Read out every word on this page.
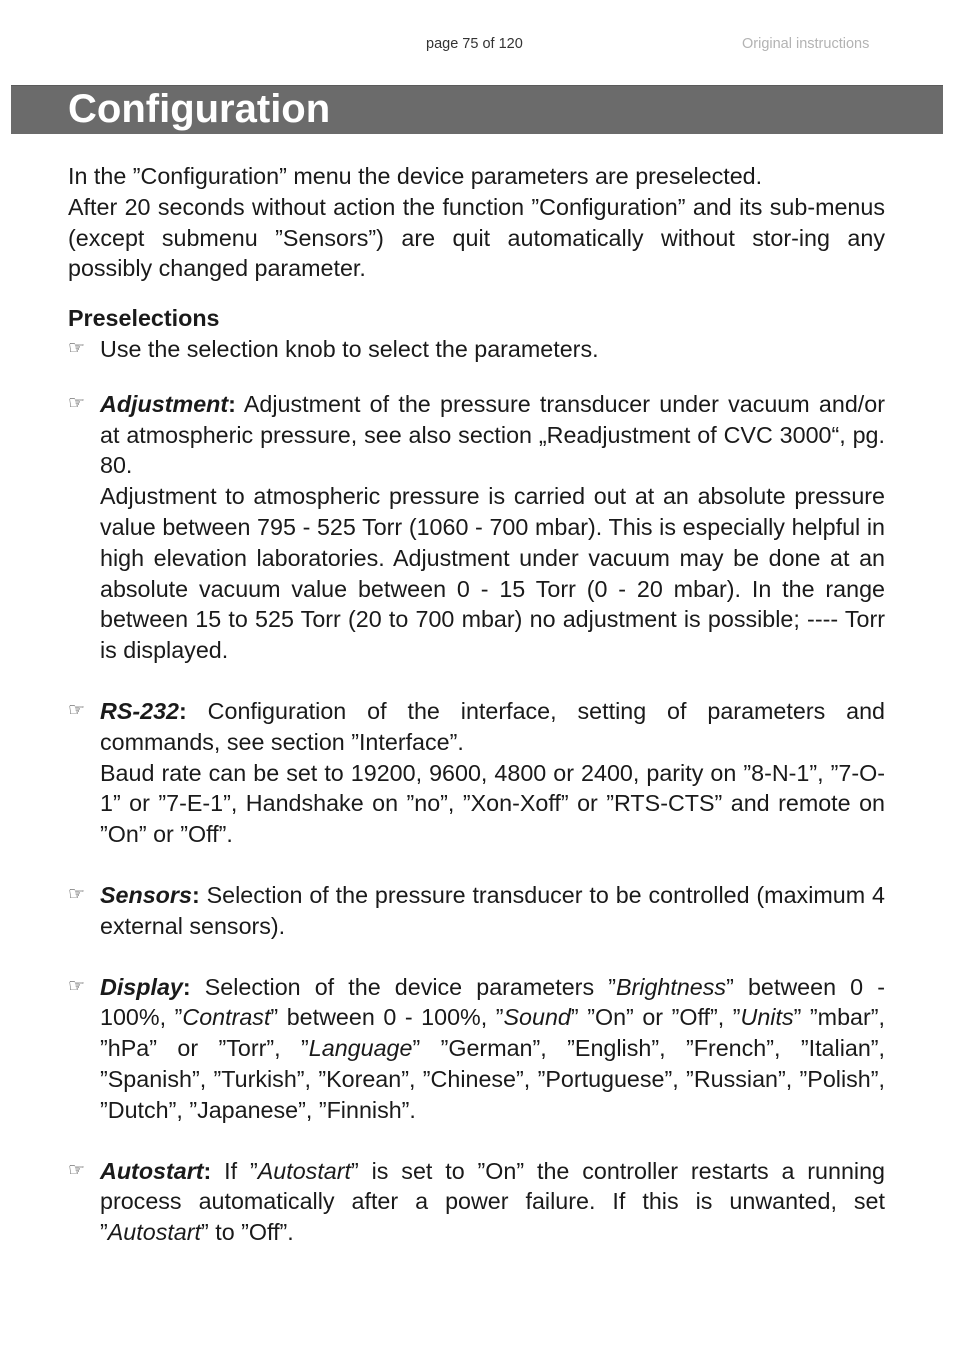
page 75 of 120	Original instructions
Configuration

In the ”Configuration” menu the device parameters are preselected.

After 20 seconds without action the function ”Configuration” and its sub-menus (except submenu ”Sensors”) are quit automatically without stor-ing any possibly changed parameter.

Preselections

☞ Use the selection knob to select the parameters.
☞ Adjustment: Adjustment of the pressure transducer under vacuum and/or at atmospheric pressure, see also section „Readjustment of CVC 3000“, pg. 80.

Adjustment to atmospheric pressure is carried out at an absolute pressure value between 795 - 525 Torr (1060 - 700 mbar). This is especially helpful in high elevation laboratories. Adjustment under vacuum may be done at an absolute vacuum value between 0 - 15 Torr (0 - 20 mbar). In the range between 15 to 525 Torr (20 to 700 mbar) no adjustment is possible; ---- Torr is displayed.

☞ RS-232: Configuration of the interface, setting of parameters and commands, see section ”Interface”.

Baud rate can be set to 19200, 9600, 4800 or 2400, parity on ”8-N-1”, ”7-O-1” or ”7-E-1”, Handshake on ”no”, ”Xon-Xoff” or ”RTS-CTS” and remote on ”On” or ”Off”.

☞ Sensors: Selection of the pressure transducer to be controlled (maximum 4 external sensors).

☞ Display: Selection of the device parameters ”Brightness” between 0 - 100%, ”Contrast” between 0 - 100%, ”Sound” ”On” or ”Off”, ”Units” ”mbar”, ”hPa” or ”Torr”, ”Language” ”German”, ”English”, ”French”, ”Italian”, ”Spanish”, ”Turkish”, ”Korean”, ”Chinese”, ”Portuguese”, ”Russian”, ”Polish”, ”Dutch”, ”Japanese”, ”Finnish”.

☞ Autostart: If ”Autostart” is set to ”On” the controller restarts a running process automatically after a power failure. If this is unwanted, set ”Autostart” to ”Off”.
